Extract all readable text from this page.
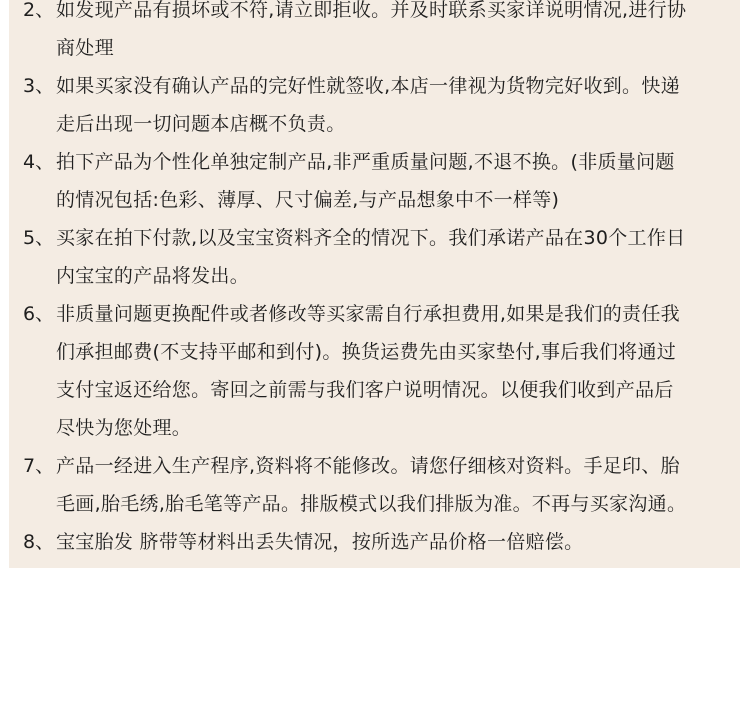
2、 如发现产品有损坏或不符,请立即拒收。并及时联系买家详说明情况,进行协
商处理
3、 如果买家没有确认产品的完好性就签收,本店一律视为货物完好收到。快递
走后出现一切问题本店概不负责。
4、 拍下产品为个性化单独定制产品,非严重质量问题,不退不换。(非质量问题
的情况包括:色彩、薄厚、尺寸偏差,与产品想象中不一样等)
5、 买家在拍下付款,以及宝宝资料齐全的情况下。我们承诺产品在30个工作日
内宝宝的产品将发出。
6、 非质量问题更换配件或者修改等买家需自行承担费用,如果是我们的责任我
们承担邮费(不支持平邮和到付)。换货运费先由买家垫付,事后我们将通过
支付宝返还给您。寄回之前需与我们客户说明情况。以便我们收到产品后
尽快为您处理。
7、 产品一经进入生产程序,资料将不能修改。请您仔细核对资料。手足印、胎
毛画,胎毛绣,胎毛笔等产品。排版模式以我们排版为准。不再与买家沟通。
8、 宝宝胎发 脐带等材料出丢失情况，按所选产品价格一倍赔偿。
